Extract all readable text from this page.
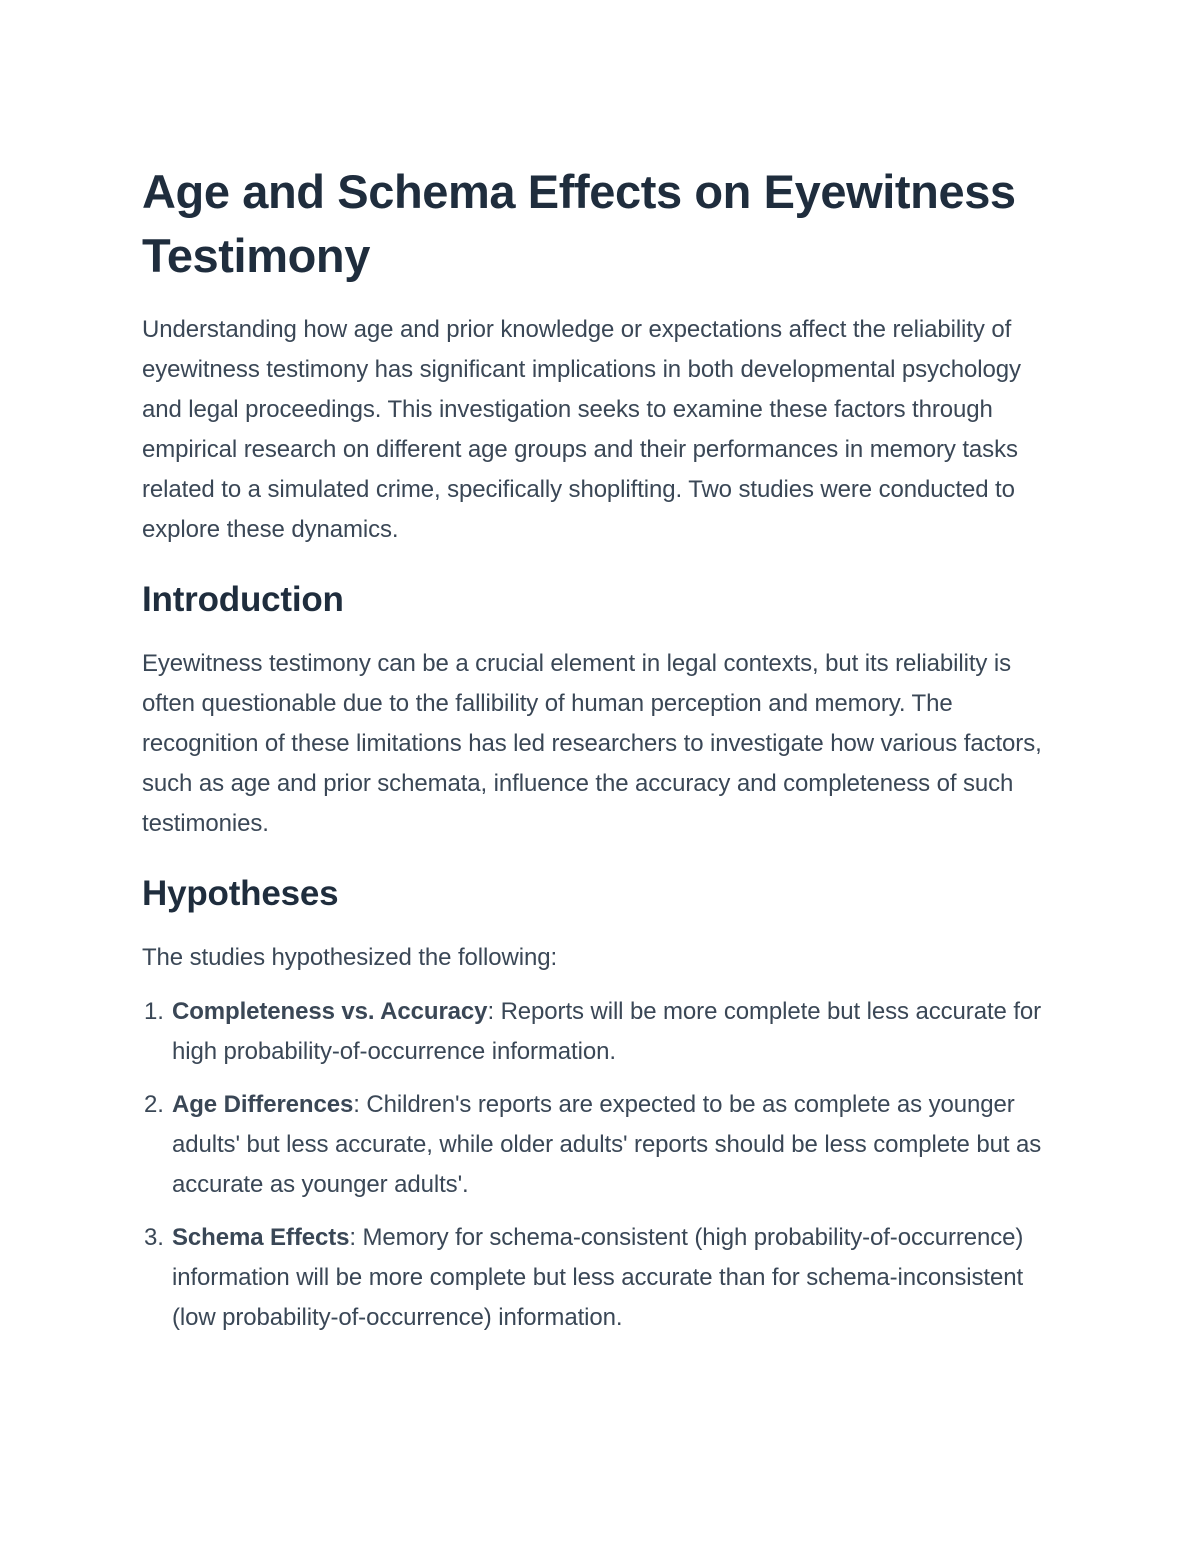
Age and Schema Effects on Eyewitness Testimony

Understanding how age and prior knowledge or expectations affect the reliability of eyewitness testimony has significant implications in both developmental psychology and legal proceedings. This investigation seeks to examine these factors through empirical research on different age groups and their performances in memory tasks related to a simulated crime, specifically shoplifting. Two studies were conducted to explore these dynamics.

Introduction

Eyewitness testimony can be a crucial element in legal contexts, but its reliability is often questionable due to the fallibility of human perception and memory. The recognition of these limitations has led researchers to investigate how various factors, such as age and prior schemata, influence the accuracy and completeness of such testimonies.

Hypotheses

The studies hypothesized the following:

1. Completeness vs. Accuracy: Reports will be more complete but less accurate for high probability-of-occurrence information.
2. Age Differences: Children's reports are expected to be as complete as younger adults' but less accurate, while older adults' reports should be less complete but as accurate as younger adults'.
3. Schema Effects: Memory for schema-consistent (high probability-of-occurrence) information will be more complete but less accurate than for schema-inconsistent (low probability-of-occurrence) information.
